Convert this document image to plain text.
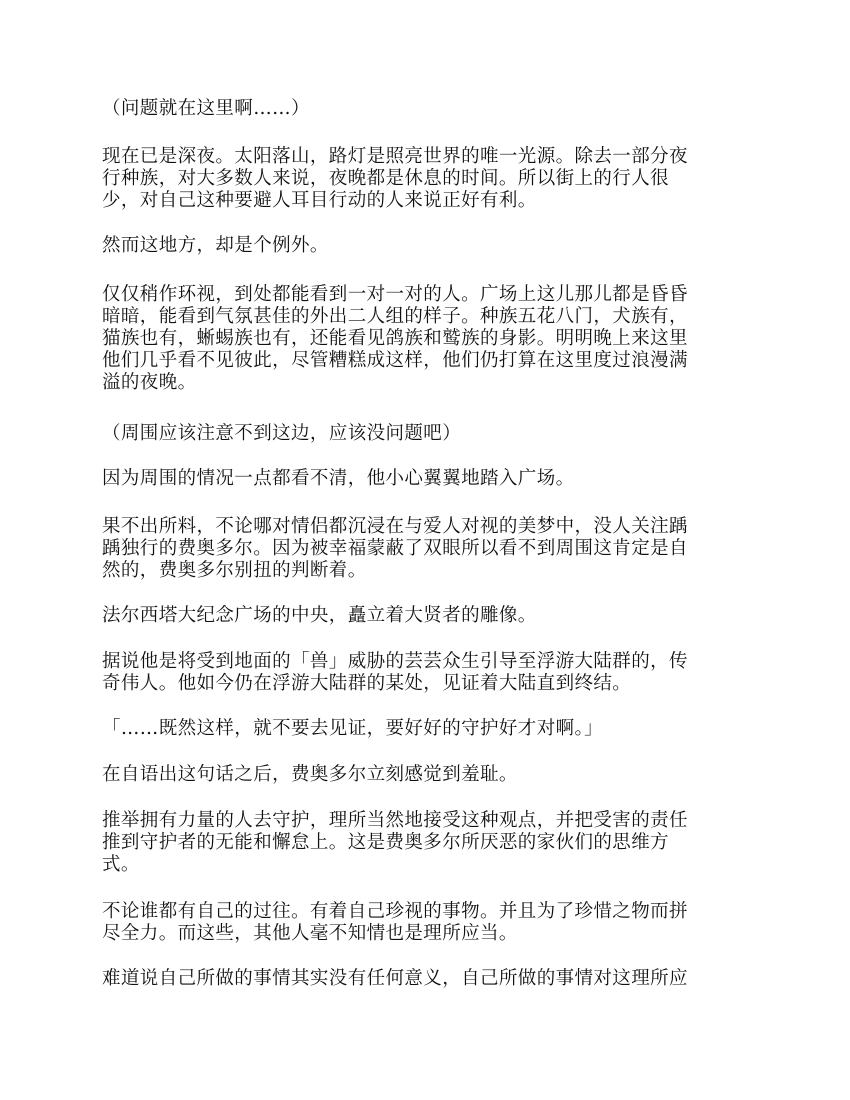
（问题就在这里啊……）

现在已是深夜。太阳落山，路灯是照亮世界的唯一光源。除去一部分夜
行种族，对大多数人来说，夜晚都是休息的时间。所以街上的行人很
少，对自己这种要避人耳目行动的人来说正好有利。

然而这地方，却是个例外。

仅仅稍作环视，到处都能看到一对一对的人。广场上这儿那儿都是昏昏
暗暗，能看到气氛甚佳的外出二人组的样子。种族五花八门，犬族有，
猫族也有，蜥蜴族也有，还能看见鸽族和鹫族的身影。明明晚上来这里
他们几乎看不见彼此，尽管糟糕成这样，他们仍打算在这里度过浪漫满
溢的夜晚。

（周围应该注意不到这边，应该没问题吧）

因为周围的情况一点都看不清，他小心翼翼地踏入广场。

果不出所料，不论哪对情侣都沉浸在与爱人对视的美梦中，没人关注踽
踽独行的费奥多尔。因为被幸福蒙蔽了双眼所以看不到周围这肯定是自
然的，费奥多尔别扭的判断着。

法尔西塔大纪念广场的中央，矗立着大贤者的雕像。

据说他是将受到地面的「兽」威胁的芸芸众生引导至浮游大陆群的，传
奇伟人。他如今仍在浮游大陆群的某处，见证着大陆直到终结。

「……既然这样，就不要去见证，要好好的守护好才对啊。」

在自语出这句话之后，费奥多尔立刻感觉到羞耻。

推举拥有力量的人去守护，理所当然地接受这种观点，并把受害的责任
推到守护者的无能和懈怠上。这是费奥多尔所厌恶的家伙们的思维方
式。

不论谁都有自己的过往。有着自己珍视的事物。并且为了珍惜之物而拼
尽全力。而这些，其他人毫不知情也是理所应当。

难道说自己所做的事情其实没有任何意义，自己所做的事情对这理所应
